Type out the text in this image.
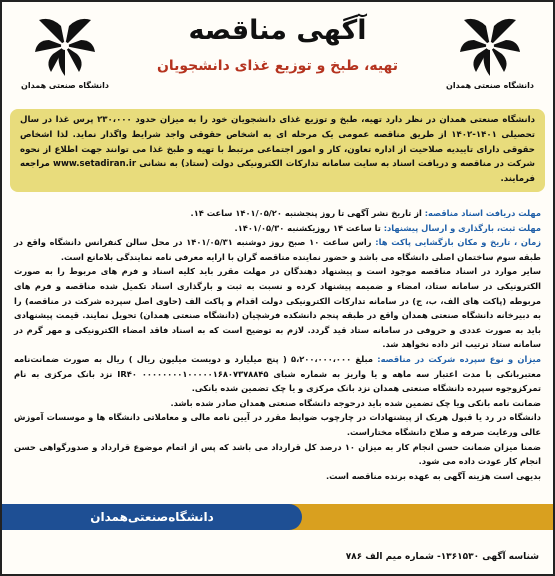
دانشگاه صنعتی همدان	دانشگاه صنعتی همدان
آگهی مناقصه
تهیه، طبخ و توزیع غذای دانشجویان
دانشگاه صنعتی همدان در نظر دارد تهیه، طبخ و توزیع غذای دانشجویان خود را به میزان حدود ۲۳۰،۰۰۰ پرس غذا در سال تحصیلی ۱۴۰۱-۱۴۰۲ از طریق مناقصه عمومی یک مرحله ای به اشخاص حقوقی واجد شرایط واگذار نماید. لذا اشخاص حقوقی دارای تاییدیه صلاحیت از اداره تعاون، کار و امور اجتماعی مرتبط با تهیه و طبخ غذا می توانند جهت اطلاع از نحوه شرکت در مناقصه و دریافت اسناد به سایت سامانه تدارکات الکترونیکی دولت (ستاد) به نشانی www.setadiran.ir مراجعه فرمایند.

مهلت دریافت اسناد مناقصه: از تاریخ نشر آگهی تا روز پنجشنبه ۱۴۰۱/۰۵/۲۰ ساعت ۱۴.

مهلت ثبت، بارگذاری و ارسال پیشنهاد: تا ساعت ۱۴ روزیکشنبه ۱۴۰۱/۰۵/۳۰.

زمان ، تاریخ و مکان بازگشایی پاکت ها: راس ساعت ۱۰ صبح روز دوشنبه ۱۴۰۱/۰۵/۳۱ در محل سالن کنفرانس دانشگاه واقع در طبقه سوم ساختمان اصلی دانشگاه می باشد و حضور نماینده مناقصه گران با ارایه معرفی نامه نمایندگی بلامانع است.

سایر موارد در اسناد مناقصه موجود است و پیشنهاد دهندگان در مهلت مقرر باید کلیه اسناد و فرم های مربوط را به صورت الکترونیکی در سامانه ستاد، امضاء و ضمیمه پیشنهاد کرده و نسبت به ثبت و بارگذاری اسناد تکمیل شده مناقصه و فرم های مربوطه (پاکت های الف، ب، ج) در سامانه تدارکات الکترونیکی دولت اقدام و پاکت الف (حاوی اصل سپرده شرکت در مناقصه) را به دبیرخانه دانشگاه صنعتی همدان واقع در طبقه پنجم دانشکده فرشچیان (دانشگاه صنعتی همدان) تحویل نمایند. قیمت پیشنهادی باید به صورت عددی و حروفی در سامانه ستاد قید گردد. لازم به توضیح است که به اسناد فاقد امضاء الکترونیکی و مهر گرم در سامانه ستاد ترتیب اثر داده نخواهد شد.

میزان و نوع سپرده شرکت در مناقصه: مبلغ ۵،۲۰۰،۰۰۰،۰۰۰ ( پنج میلیارد و دویست میلیون ریال ) ریال به صورت ضمانت‌نامه معتبربانکی با مدت اعتبار سه ماهه و یا واریز به شماره شبای ۰۰۰۰۰۰۰۰۱۰۰۰۰۰۱۶۸۰۷۳۷۸۸۴۵ IR۴۰ نزد بانک مرکزی به نام تمرکزوجوه سپرده دانشگاه صنعتی همدان نزد بانک مرکزی و یا چک تضمین شده بانکی.

ضمانت نامه بانکی ویا چک تضمین شده باید درحوجه دانشگاه صنعتی همدان صادر شده باشد.

دانشگاه در رد یا قبول هریک از پیشنهادات در چارچوب ضوابط مقرر در آیین نامه مالی و معاملاتی دانشگاه ها و موسسات آموزش عالی ورعایت صرفه و صلاح دانشگاه مختاراست.

ضمنا میزان ضمانت حسن انجام کار به میزان ۱۰ درصد کل قرارداد می باشد که پس از اتمام موضوع قرارداد و صدورگواهی حسن انجام کار عودت داده می شود.

بدیهی است هزینه آگهی به عهده برنده مناقصه است.

دانشگاه‌صنعتی‌همدان
شناسه آگهی ۱۳۶۱۵۳۰- شماره میم الف ۷۸۶
